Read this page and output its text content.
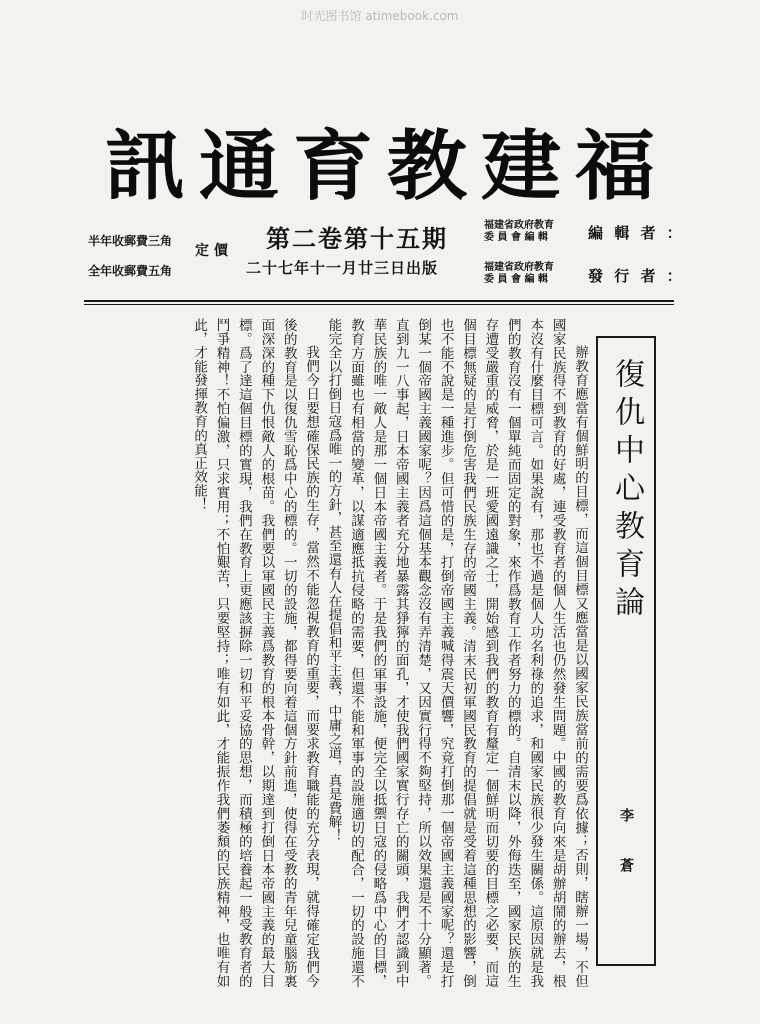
时光图书馆 atimebook.com
福
建
教
育
通
訊
編 輯 者 ：
福建省政府教育
委 員 會 編 輯
第二卷第十五期
定 價
半年收郵費三角
發 行 者 ：
福建省政府教育
委 員 會 編 輯
二十七年十一月廿三日出版
全年收郵費五角
復仇中心教育論
李 蒼

辦教育應當有個鮮明的目標，而這個目標又應當是以國家民族當前的需要爲依據；否則，瞎辦一場，不但國家民族得不到教育的好處，連受教育者的個人生活也仍然發生問題。中國的教育向來是胡辦胡鬧的辦去，根本沒有什麼目標可言。如果說有，那也不過是個人功名利祿的追求，和國家民族很少發生關係。這原因就是我們的教育沒有一個單純而固定的對象，來作爲教育工作者努力的標的。自清末以降，外侮迭至，國家民族的生存遭受嚴重的威脅，於是一班愛國遠識之士，開始感到我們的教育有釐定一個鮮明而切要的目標之必要，而這個目標無疑的是打倒危害我們民族生存的帝國主義。清末民初軍國民教育的提倡就是受着這種思想的影響，倒也不能不說是一種進步。但可惜的是，打倒帝國主義喊得震天價響，究竟打倒那一個帝國主義國家呢？還是打倒某一個帝國主義國家呢？因爲這個基本觀念沒有弄清楚，又因實行得不夠堅持，所以效果還是不十分顯著。直到九一八事起，日本帝國主義者充分地暴露其猙獰的面孔，才使我們國家實行存亡的關頭，我們才認識到中華民族的唯一敵人是那一個日本帝國主義者。于是我們的軍事設施，便完全以抵禦日寇的侵略爲中心的目標，教育方面雖也有相當的變革，以謀適應抵抗侵略的需要，但還不能和軍事的設施適切的配合，一切的設施還不能完全以打倒日寇爲唯一的方針，甚至還有人在提倡和平主義，中庸之道，真是費解！

我們今日要想確保民族的生存，當然不能忽視教育的重要，而要求教育職能的充分表現，就得確定我們今後的教育是以復仇雪恥爲中心的標的。一切的設施，都得要向着這個方針前進，使得在受教的青年兒童腦筋裏面深深的種下仇恨敵人的根苗。我們要以軍國民主義爲教育的根本骨幹，以期達到打倒日本帝國主義的最大目標。爲了達這個目標的實現，我們在教育上更應該摒除一切和平妥協的思想，而積極的培養起一般受教育者的鬥爭精神！不怕偏激，只求實用；不怕艱苦，只要堅持；唯有如此，才能振作我們萎頹的民族精神，也唯有如此，才能發揮教育的真正效能！
